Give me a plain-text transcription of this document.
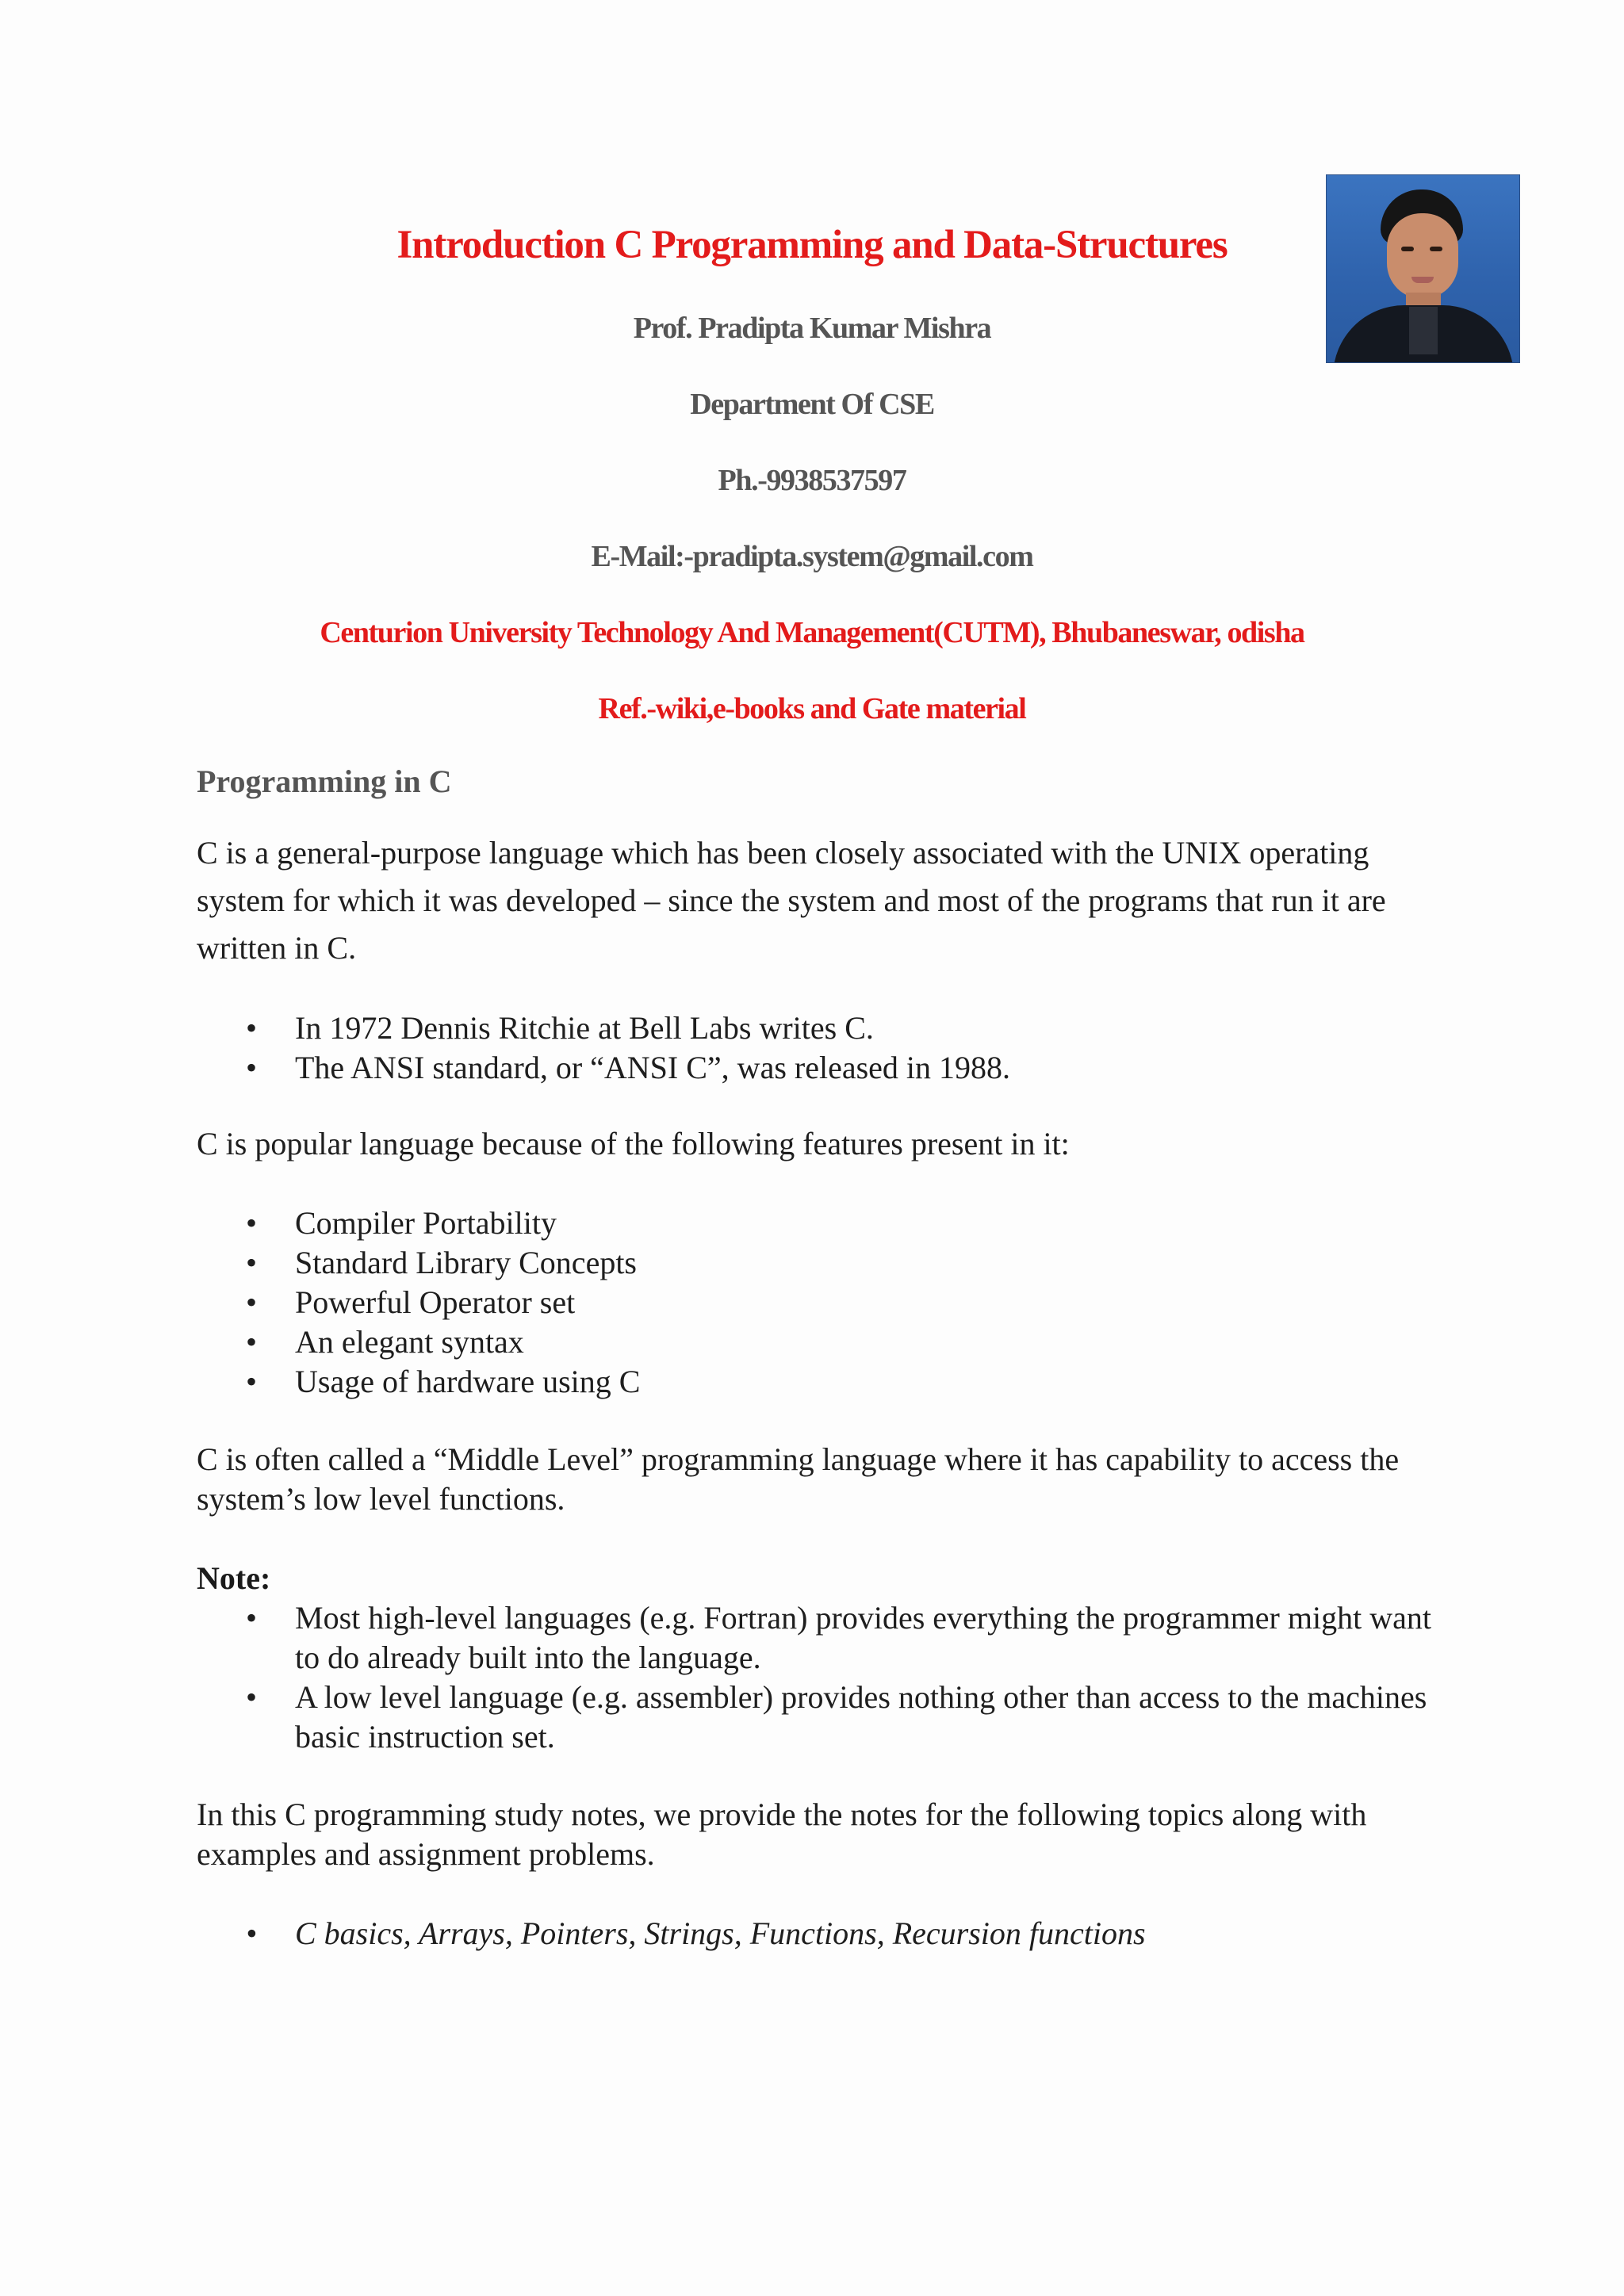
Introduction C Programming and Data-Structures
Prof. Pradipta Kumar Mishra
Department Of CSE
Ph.-9938537597
E-Mail:-pradipta.system@gmail.com
Centurion University Technology And Management(CUTM), Bhubaneswar, odisha
Ref.-wiki,e-books and Gate material
Programming in C
C is a general-purpose language which has been closely associated with the UNIX operating system for which it was developed – since the system and most of the programs that run it are written in C.
• In 1972 Dennis Ritchie at Bell Labs writes C.
• The ANSI standard, or “ANSI C”, was released in 1988.
C is popular language because of the following features present in it:
• Compiler Portability
• Standard Library Concepts
• Powerful Operator set
• An elegant syntax
• Usage of hardware using C
C is often called a “Middle Level” programming language where it has capability to access the system’s low level functions.
Note:
• Most high-level languages (e.g. Fortran) provides everything the programmer might want to do already built into the language.
• A low level language (e.g. assembler) provides nothing other than access to the machines basic instruction set.
In this C programming study notes, we provide the notes for the following topics along with examples and assignment problems.
• C basics, Arrays, Pointers, Strings, Functions, Recursion functions
